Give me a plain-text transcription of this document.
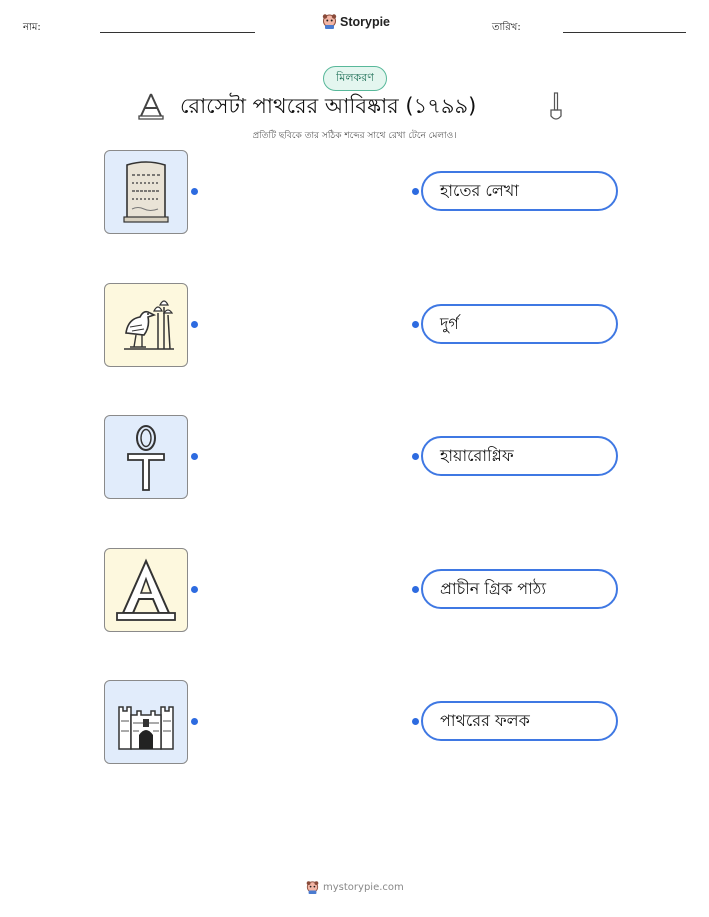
নাম:	Storypie	তারিখ:
মিলকরণ
রোসেটা পাথরের আবিষ্কার (১৭৯৯)
প্রতিটি ছবিকে তার সঠিক শব্দের সাথে রেখা টেনে মেলাও।
হাতের লেখা
দুর্গ
হায়ারোগ্লিফ
প্রাচীন গ্রিক পাঠ্য
পাথরের ফলক
mystorypie.com
